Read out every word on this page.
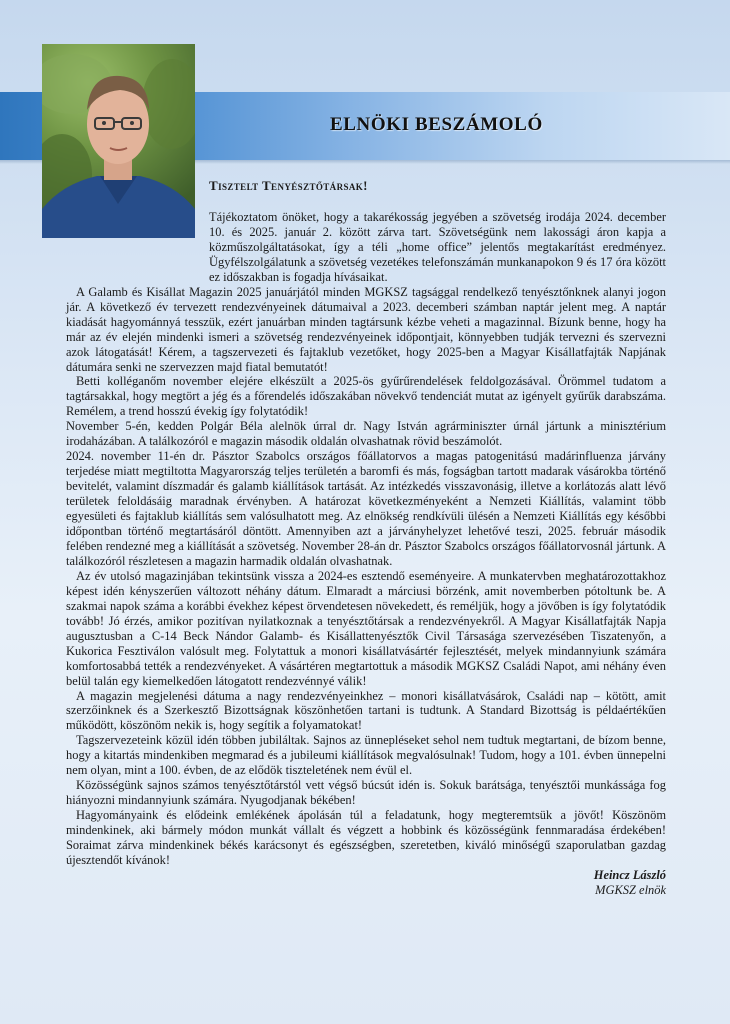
ELNÖKI BESZÁMOLÓ

Tisztelt Tenyésztőtársak!

Tájékoztatom önöket, hogy a takarékosság jegyében a szövetség irodája 2024. december 10. és 2025. január 2. között zárva tart. Szövetségünk nem lakossági áron kapja a közműszolgáltatásokat, így a téli „home office” jelentős megtakarítást eredményez. Ügyfélszolgálatunk a szövetség vezetékes telefonszámán munkanapokon 9 és 17 óra között ez időszakban is fogadja hívásaikat.

A Galamb és Kisállat Magazin 2025 januárjától minden MGKSZ tagsággal rendelkező tenyésztőnknek alanyi jogon jár. A következő év tervezett rendezvényeinek dátumaival a 2023. decemberi számban naptár jelent meg. A naptár kiadását hagyománnyá tesszük, ezért januárban minden tagtársunk kézbe veheti a magazinnal. Bízunk benne, hogy ha már az év elején mindenki ismeri a szövetség rendezvényeinek időpontjait, könnyebben tudják tervezni és szervezni azok látogatását! Kérem, a tagszervezeti és fajtaklub vezetőket, hogy 2025-ben a Magyar Kisállatfajták Napjának dátumára senki ne szervezzen majd fiatal bemutatót!

Betti kolléganőm november elejére elkészült a 2025-ös gyűrűrendelések feldolgozásával. Örömmel tudatom a tagtársakkal, hogy megtört a jég és a főrendelés időszakában növekvő tendenciát mutat az igényelt gyűrűk darabszáma. Remélem, a trend hosszú évekig így folytatódik!

November 5-én, kedden Polgár Béla alelnök úrral dr. Nagy István agrárminiszter úrnál jártunk a minisztérium irodaházában. A találkozóról e magazin második oldalán olvashatnak rövid beszámolót.

2024. november 11-én dr. Pásztor Szabolcs országos főállatorvos a magas patogenitású madárinfluenza járvány terjedése miatt megtiltotta Magyarország teljes területén a baromfi és más, fogságban tartott madarak vásárokba történő bevitelét, valamint díszmadár és galamb kiállítások tartását. Az intézkedés visszavonásig, illetve a korlátozás alatt lévő területek feloldásáig maradnak érvényben. A határozat következményeként a Nemzeti Kiállítás, valamint több egyesületi és fajtaklub kiállítás sem valósulhatott meg. Az elnökség rendkívüli ülésén a Nemzeti Kiállítás egy későbbi időpontban történő megtartásáról döntött. Amennyiben azt a járványhelyzet lehetővé teszi, 2025. február második felében rendezné meg a kiállítását a szövetség. November 28-án dr. Pásztor Szabolcs országos főállatorvosnál jártunk. A találkozóról részletesen a magazin harmadik oldalán olvashatnak.

Az év utolsó magazinjában tekintsünk vissza a 2024-es esztendő eseményeire. A munkatervben meghatározottakhoz képest idén kényszerűen változott néhány dátum. Elmaradt a márciusi börzénk, amit novemberben pótoltunk be. A szakmai napok száma a korábbi évekhez képest örvendetesen növekedett, és reméljük, hogy a jövőben is így folytatódik tovább! Jó érzés, amikor pozitívan nyilatkoznak a tenyésztőtársak a rendezvényekről. A Magyar Kisállatfajták Napja augusztusban a C-14 Beck Nándor Galamb- és Kisállattenyésztők Civil Társasága szervezésében Tiszatenyőn, a Kukorica Fesztiválon valósult meg. Folytattuk a monori kisállatvásártér fejlesztését, melyek mindannyiunk számára komfortosabbá tették a rendezvényeket. A vásártéren megtartottuk a második MGKSZ Családi Napot, ami néhány éven belül talán egy kiemelkedően látogatott rendezvénnyé válik!

A magazin megjelenési dátuma a nagy rendezvényeinkhez – monori kisállatvásárok, Családi nap – kötött, amit szerzőinknek és a Szerkesztő Bizottságnak köszönhetően tartani is tudtunk. A Standard Bizottság is példaértékűen működött, köszönöm nekik is, hogy segítik a folyamatokat!

Tagszervezeteink közül idén többen jubiláltak. Sajnos az ünnepléseket sehol nem tudtuk megtartani, de bízom benne, hogy a kitartás mindenkiben megmarad és a jubileumi kiállítások megvalósulnak! Tudom, hogy a 101. évben ünnepelni nem olyan, mint a 100. évben, de az elődök tiszteletének nem évül el.

Közösségünk sajnos számos tenyésztőtárstól vett végső búcsút idén is. Sokuk barátsága, tenyésztői munkássága fog hiányozni mindannyiunk számára. Nyugodjanak békében!

Hagyományaink és elődeink emlékének ápolásán túl a feladatunk, hogy megteremtsük a jövőt! Köszönöm mindenkinek, aki bármely módon munkát vállalt és végzett a hobbink és közösségünk fennmaradása érdekében! Soraimat zárva mindenkinek békés karácsonyt és egészségben, szeretetben, kiváló minőségű szaporulatban gazdag újesztendőt kívánok!

Heincz László
MGKSZ elnök
